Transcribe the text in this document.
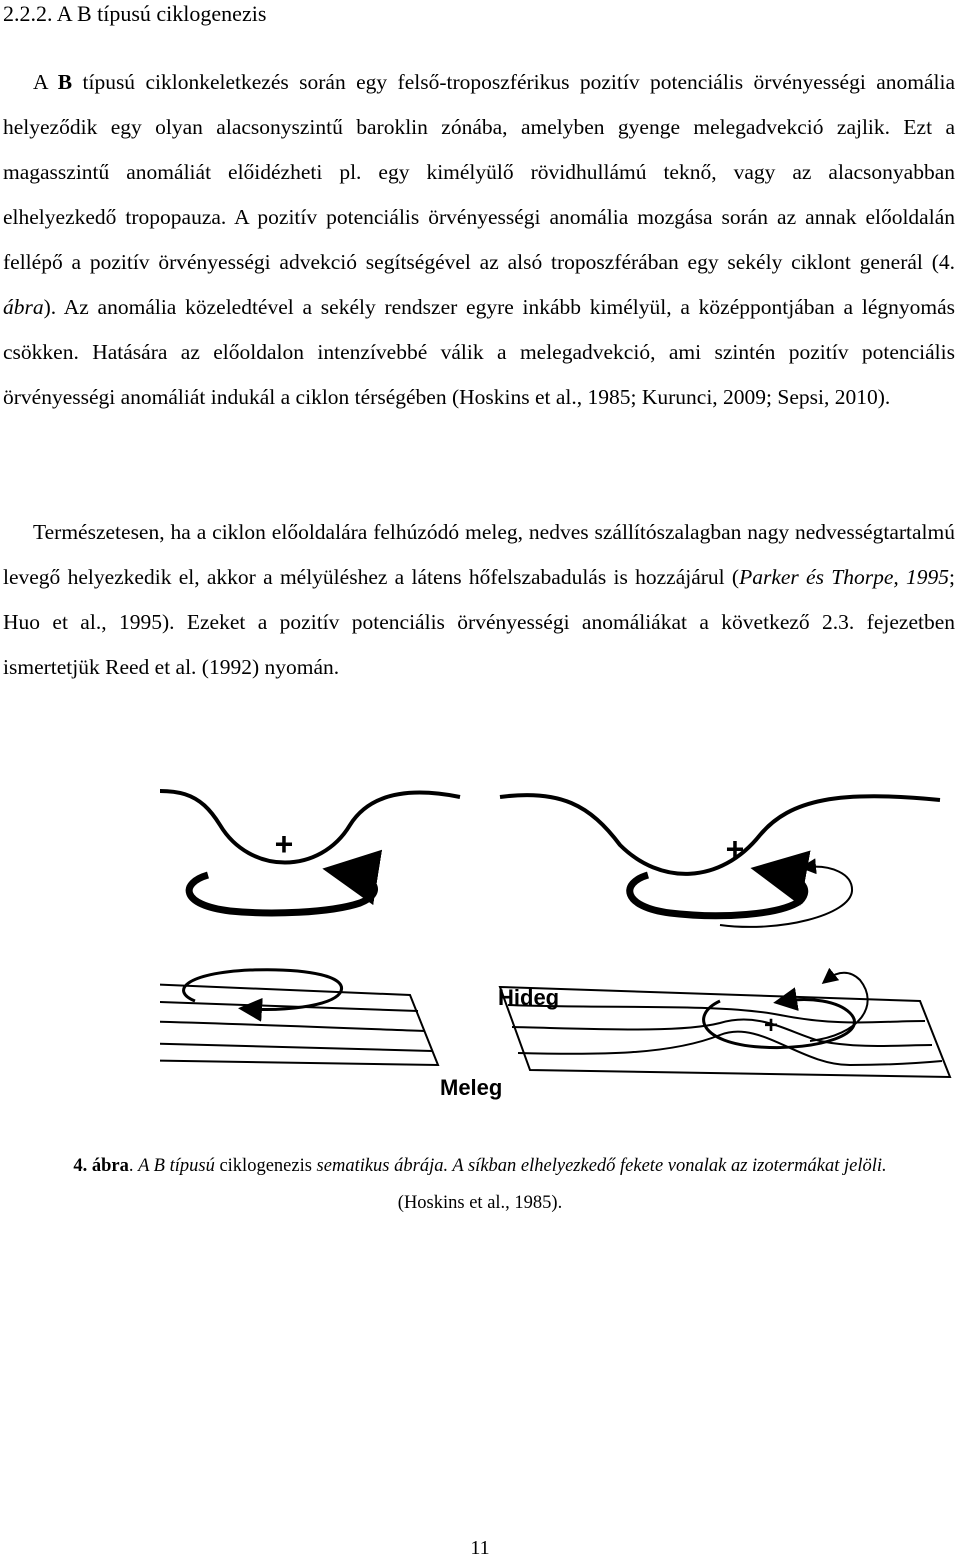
2.2.2. A B típusú ciklogenezis
A B típusú ciklonkeletkezés során egy felső-troposzférikus pozitív potenciális örvényességi anomália helyeződik egy olyan alacsonyszintű baroklin zónába, amelyben gyenge melegadvekció zajlik. Ezt a magasszintű anomáliát előidézheti pl. egy kimélyülő rövidhullámú teknő, vagy az alacsonyabban elhelyezkedő tropopauza. A pozitív potenciális örvényességi anomália mozgása során az annak előoldalán fellépő a pozitív örvényességi advekció segítségével az alsó troposzférában egy sekély ciklont generál (4. ábra). Az anomália közeledtével a sekély rendszer egyre inkább kimélyül, a középpontjában a légnyomás csökken. Hatására az előoldalon intenzívebbé válik a melegadvekció, ami szintén pozitív potenciális örvényességi anomáliát indukál a ciklon térségében (Hoskins et al., 1985; Kurunci, 2009; Sepsi, 2010).
Természetesen, ha a ciklon előoldalára felhúzódó meleg, nedves szállítószalagban nagy nedvességtartalmú levegő helyezkedik el, akkor a mélyüléshez a látens hőfelszabadulás is hozzájárul (Parker és Thorpe, 1995; Huo et al., 1995). Ezeket a pozitív potenciális örvényességi anomáliákat a következő 2.3. fejezetben ismertetjük Reed et al. (1992) nyomán.
+	+
+
Hideg
Meleg
4. ábra. A B típusú ciklogenezis sematikus ábrája. A síkban elhelyezkedő fekete vonalak az izotermákat jelöli.
(Hoskins et al., 1985).
11
